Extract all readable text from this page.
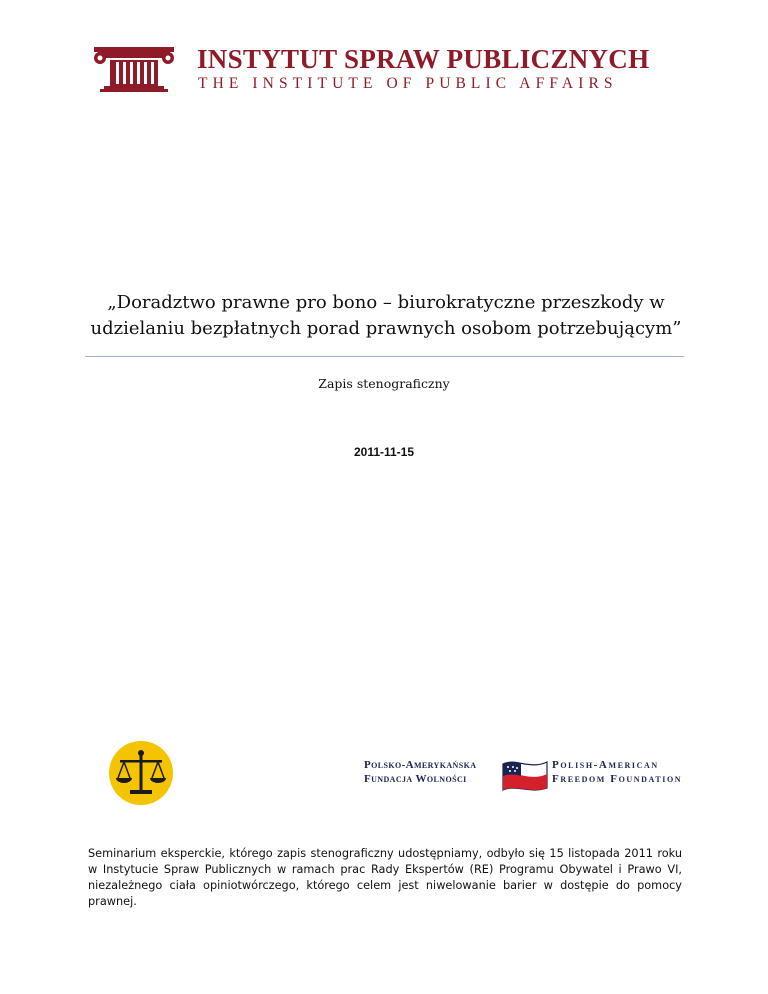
INSTYTUT SPRAW PUBLICZNYCH
THE INSTITUTE OF PUBLIC AFFAIRS
„Doradztwo prawne pro bono – biurokratyczne przeszkody w
udzielaniu bezpłatnych porad prawnych osobom potrzebującym”
Zapis stenograficzny
2011-11-15
Polsko-Amerykańska
Fundacja Wolności
Polish-American
Freedom Foundation
Seminarium eksperckie, którego zapis stenograficzny udostępniamy, odbyło się 15 listopada 2011 roku w Instytucie Spraw Publicznych w ramach prac Rady Ekspertów (RE) Programu Obywatel i Prawo VI, niezależnego ciała opiniotwórczego, którego celem jest niwelowanie barier w dostępie do pomocy prawnej.
